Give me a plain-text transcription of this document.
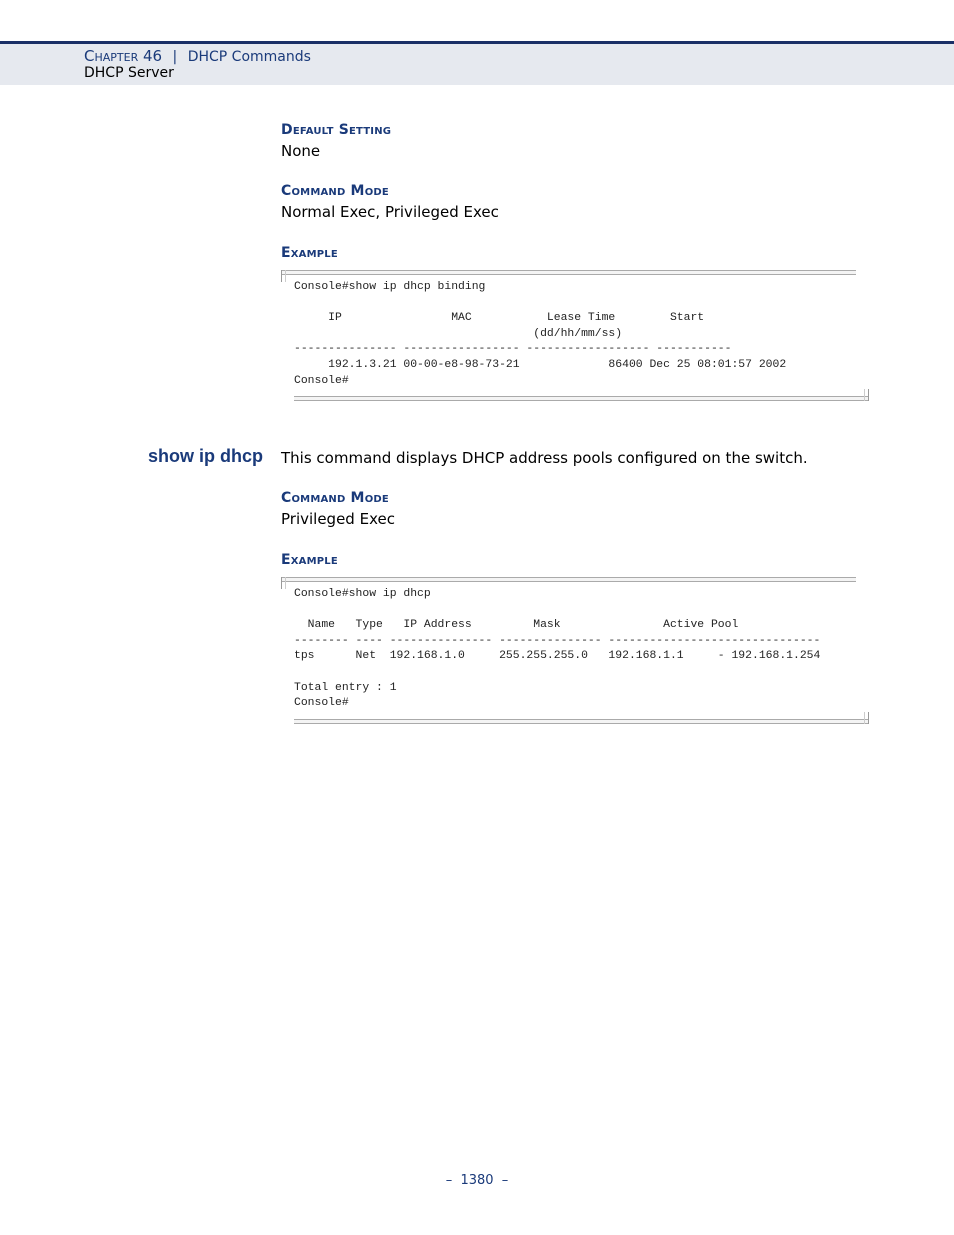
Chapter 46 | DHCP Commands
DHCP Server
Default Setting
None
Command Mode
Normal Exec, Privileged Exec
Example
Console#show ip dhcp binding

IP                MAC           Lease Time        Start
(dd/hh/mm/ss)
--------------- ----------------- ------------------ -----------
192.1.3.21 00-00-e8-98-73-21             86400 Dec 25 08:01:57 2002
Console#
show ip dhcp This command displays DHCP address pools configured on the switch.
Command Mode
Privileged Exec
Example
Console#show ip dhcp

Name   Type   IP Address         Mask               Active Pool
-------- ---- --------------- --------------- -------------------------------
tps      Net  192.168.1.0     255.255.255.0   192.168.1.1     - 192.168.1.254

Total entry : 1
Console#
–  1380  –
